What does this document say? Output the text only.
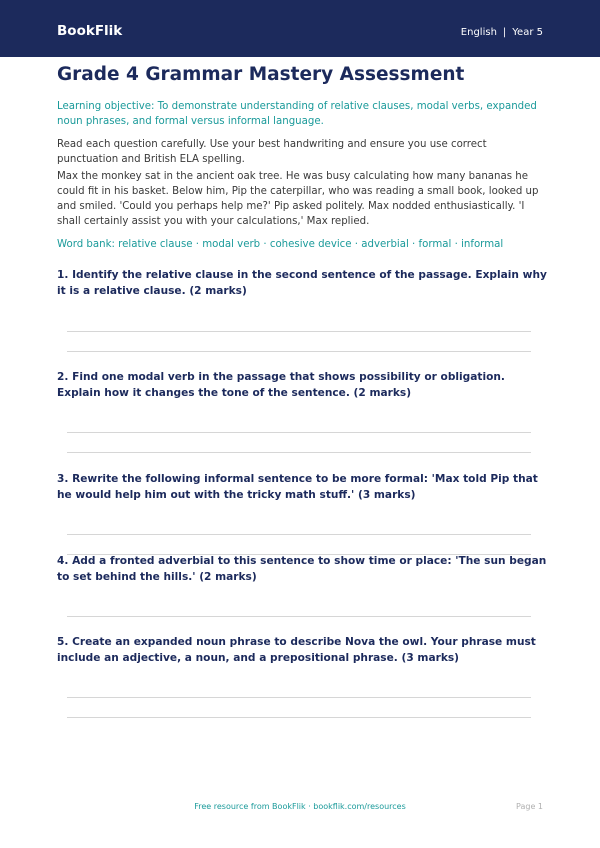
BookFlik	English | Year 5
Grade 4 Grammar Mastery Assessment
Learning objective: To demonstrate understanding of relative clauses, modal verbs, expanded noun phrases, and formal versus informal language.
Read each question carefully. Use your best handwriting and ensure you use correct punctuation and British ELA spelling.
Max the monkey sat in the ancient oak tree. He was busy calculating how many bananas he could fit in his basket. Below him, Pip the caterpillar, who was reading a small book, looked up and smiled. 'Could you perhaps help me?' Pip asked politely. Max nodded enthusiastically. 'I shall certainly assist you with your calculations,' Max replied.
Word bank: relative clause · modal verb · cohesive device · adverbial · formal · informal
1. Identify the relative clause in the second sentence of the passage. Explain why it is a relative clause. (2 marks)
2. Find one modal verb in the passage that shows possibility or obligation. Explain how it changes the tone of the sentence. (2 marks)
3. Rewrite the following informal sentence to be more formal: 'Max told Pip that he would help him out with the tricky math stuff.' (3 marks)
4. Add a fronted adverbial to this sentence to show time or place: 'The sun began to set behind the hills.' (2 marks)
5. Create an expanded noun phrase to describe Nova the owl. Your phrase must include an adjective, a noun, and a prepositional phrase. (3 marks)
Free resource from BookFlik · bookflik.com/resources	Page 1
